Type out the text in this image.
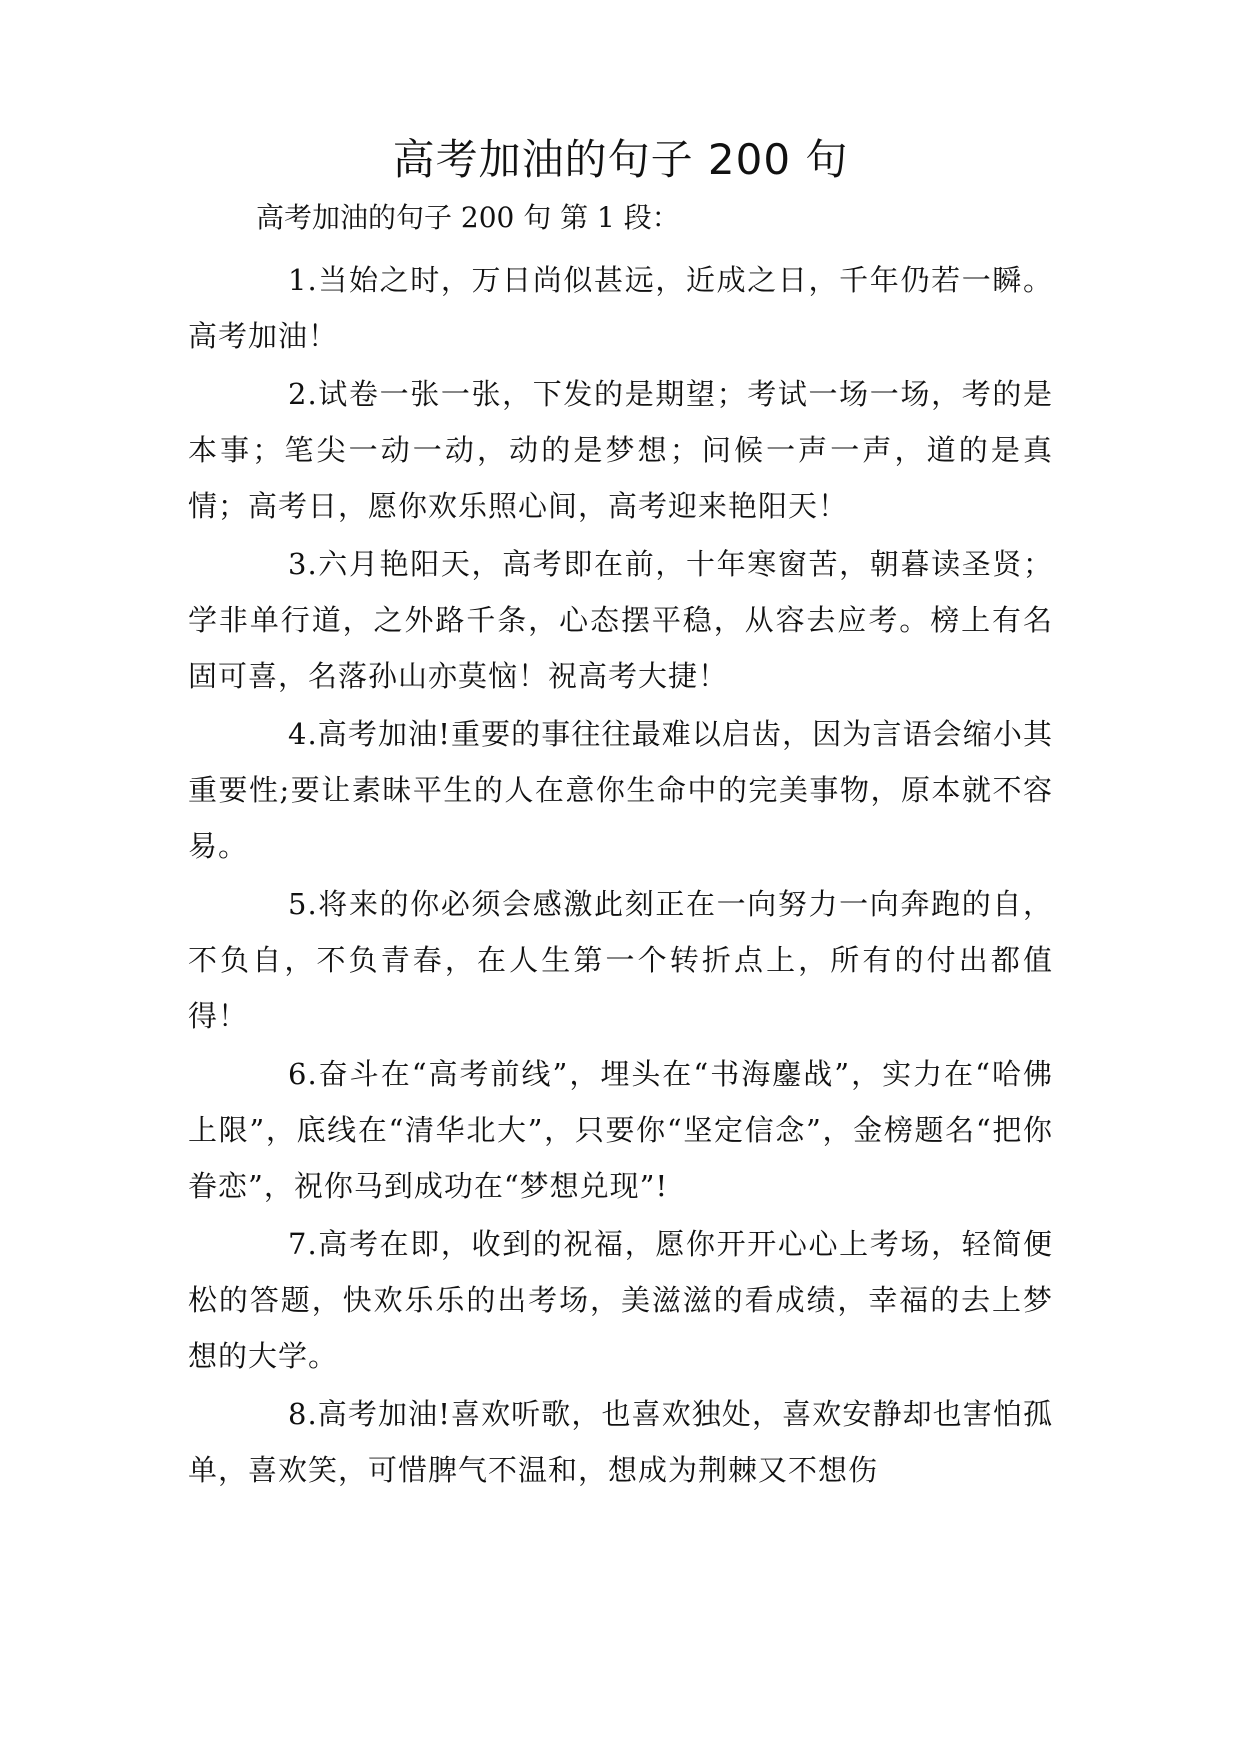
高考加油的句子 200 句
高考加油的句子 200 句 第 1 段：

1.当始之时，万日尚似甚远，近成之日，千年仍若一瞬。高考加油！

2.试卷一张一张，下发的是期望；考试一场一场，考的是本事；笔尖一动一动，动的是梦想；问候一声一声，道的是真情；高考日，愿你欢乐照心间，高考迎来艳阳天！

3.六月艳阳天，高考即在前，十年寒窗苦，朝暮读圣贤；学非单行道，之外路千条，心态摆平稳，从容去应考。榜上有名固可喜，名落孙山亦莫恼！祝高考大捷！

4.高考加油!重要的事往往最难以启齿，因为言语会缩小其重要性;要让素昧平生的人在意你生命中的完美事物，原本就不容易。

5.将来的你必须会感激此刻正在一向努力一向奔跑的自，不负自，不负青春，在人生第一个转折点上，所有的付出都值得！

6.奋斗在“高考前线”，埋头在“书海鏖战”，实力在“哈佛上限”，底线在“清华北大”，只要你“坚定信念”，金榜题名“把你眷恋”，祝你马到成功在“梦想兑现”!

7.高考在即，收到的祝福，愿你开开心心上考场，轻简便松的答题，快欢乐乐的出考场，美滋滋的看成绩，幸福的去上梦想的大学。

8.高考加油!喜欢听歌，也喜欢独处，喜欢安静却也害怕孤单，喜欢笑，可惜脾气不温和，想成为荆棘又不想伤
